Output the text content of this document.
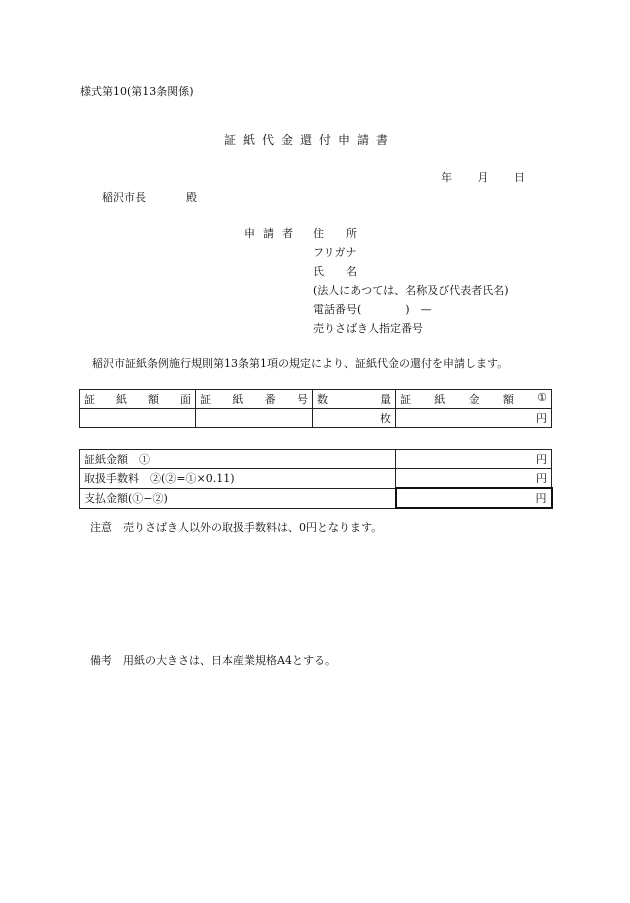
様式第10(第13条関係)
証紙代金還付申請書
年 月 日
稲沢市長	殿
申請者 住 所
フリガナ
氏 名
(法人にあつては、名称及び代表者氏名)
電話番号(　　　　)　—
売りさばき人指定番号
稲沢市証紙条例施行規則第13条第1項の規定により、証紙代金の還付を申請します。
証 紙 額 面	証 紙 番 号	数 量	証 紙 金 額 ①

		枚	円
証紙金額　①	円
取扱手数料　②(②=①×0.11)	円
支払金額(①−②)	円
注意　売りさばき人以外の取扱手数料は、0円となります。
備考　用紙の大きさは、日本産業規格A4とする。
